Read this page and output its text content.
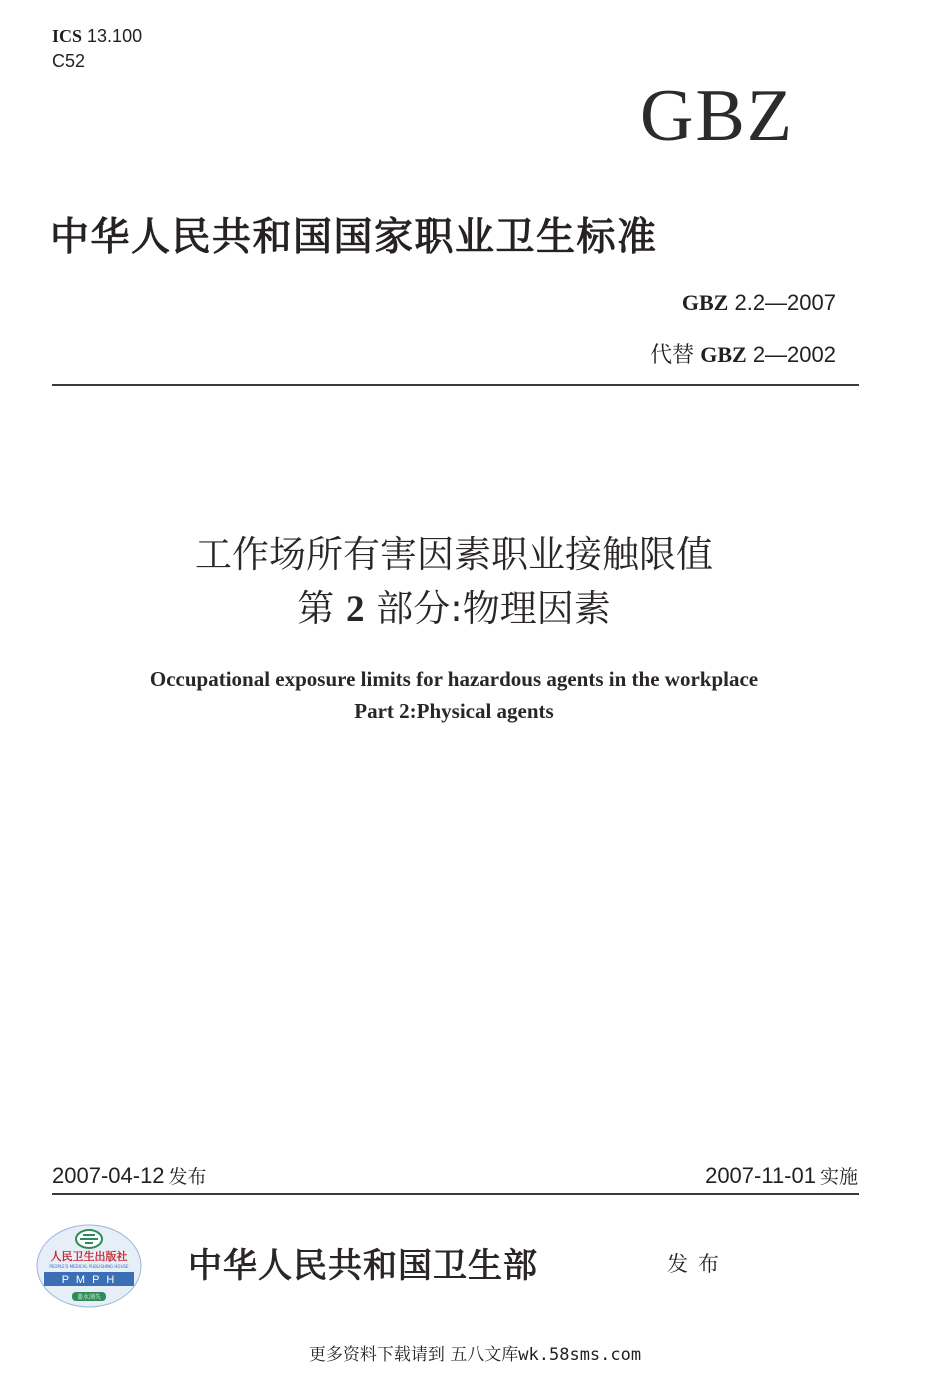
ICS 13.100
C52
GBZ
中华人民共和国国家职业卫生标准
GBZ 2.2—2007
代替 GBZ 2—2002
工作场所有害因素职业接触限值
第 2 部分:物理因素
Occupational exposure limits for hazardous agents in the workplace
Part 2:Physical agents
2007-04-12 发布	2007-11-01 实施
人民卫生出版社
PEOPLE'S MEDICAL PUBLISHING HOUSE
P M P H
盖水浏失
中华人民共和国卫生部	发布
更多资料下载请到 五八文库wk.58sms.com
